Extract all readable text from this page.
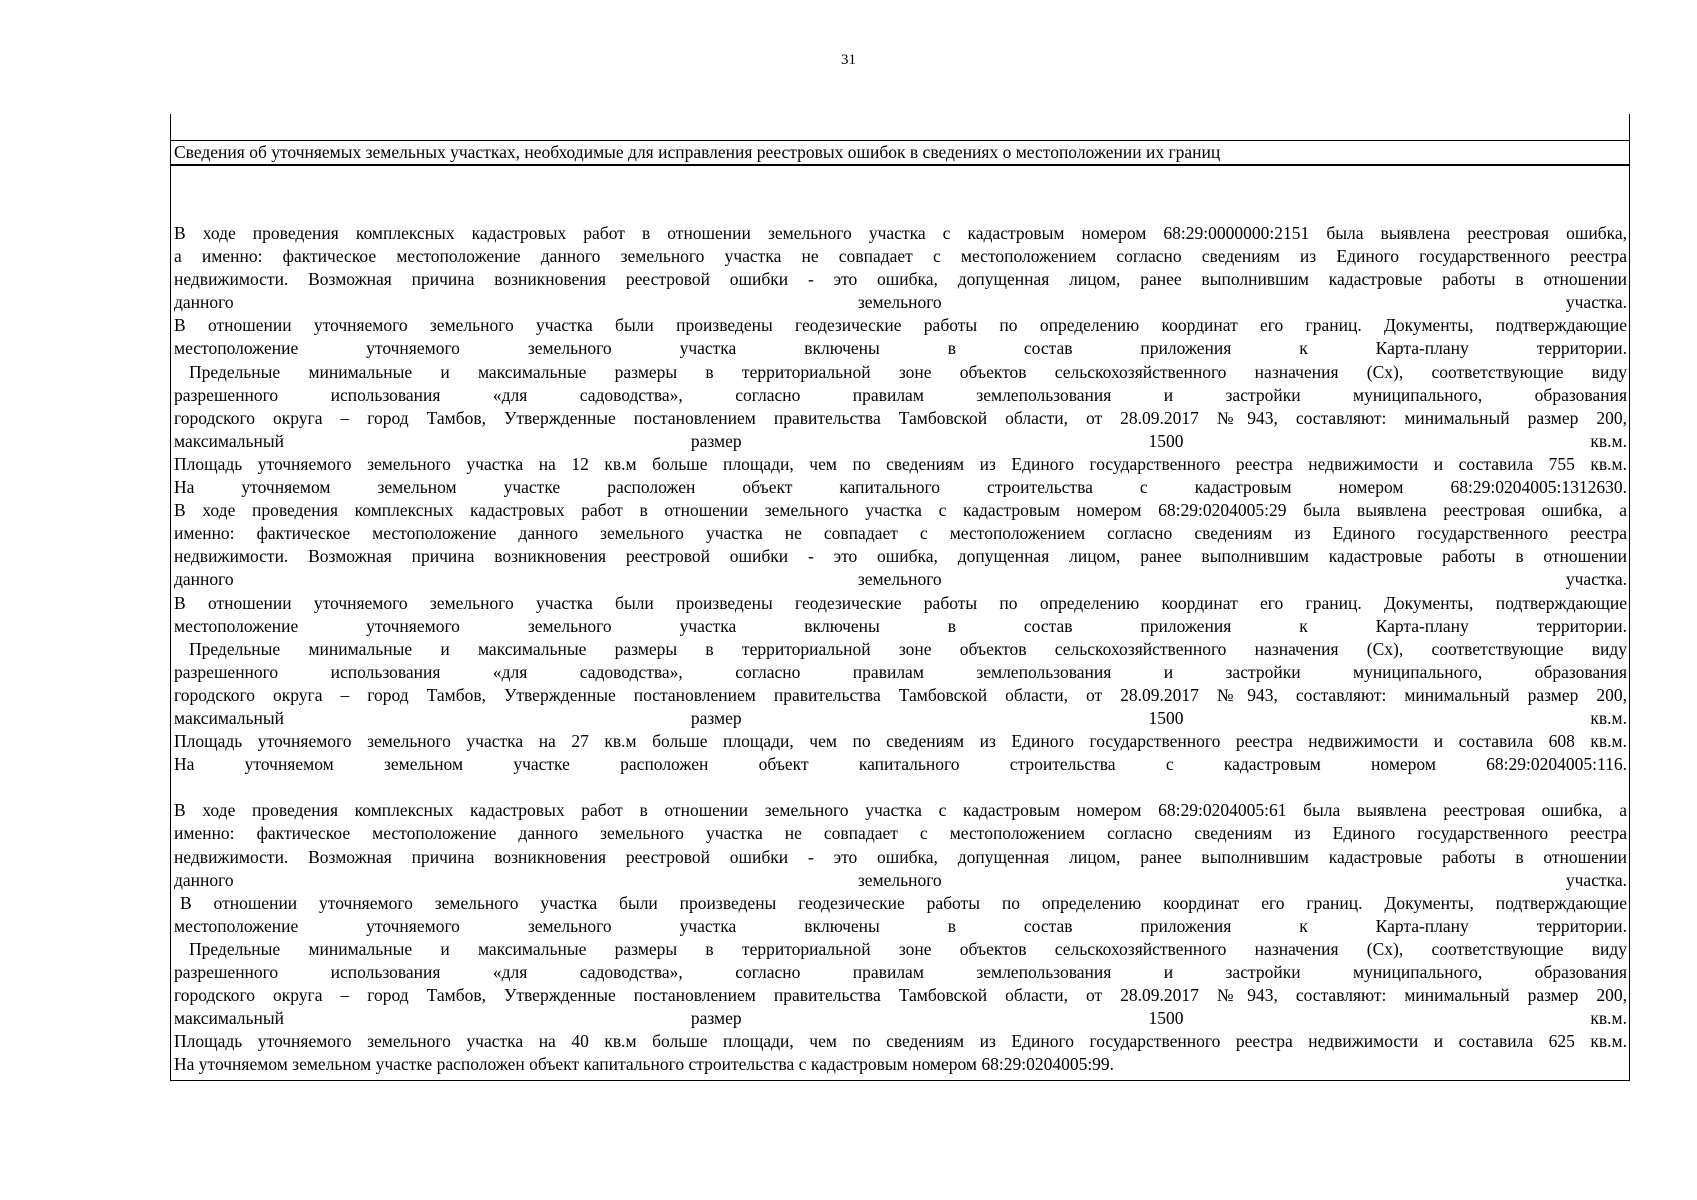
31
Сведения об уточняемых земельных участках, необходимые для исправления реестровых ошибок в сведениях о местоположении их границ
В ходе проведения комплексных кадастровых работ в отношении земельного участка с кадастровым номером 68:29:0000000:2151 была выявлена реестровая ошибка,
а именно: фактическое местоположение данного земельного участка не совпадает с местоположением согласно сведениям из Единого государственного реестра
недвижимости. Возможная причина возникновения реестровой ошибки - это ошибка, допущенная лицом, ранее выполнившим кадастровые работы в отношении
данного земельного участка.
В отношении уточняемого земельного участка были произведены геодезические работы по определению координат его границ. Документы, подтверждающие
местоположение уточняемого земельного участка включены в состав приложения к Карта-плану территории.
Предельные минимальные и максимальные размеры в территориальной зоне объектов сельскохозяйственного назначения (Сх), соответствующие виду
разрешенного использования «для садоводства», согласно правилам землепользования и застройки муниципального, образования
городского округа – город Тамбов, Утвержденные постановлением правительства Тамбовской области, от 28.09.2017 №943, составляют: минимальный размер 200,
максимальный размер 1500 кв.м.
Площадь уточняемого земельного участка на 12 кв.м больше площади, чем по сведениям из Единого государственного реестра недвижимости и составила 755 кв.м.
На уточняемом земельном участке расположен объект капитального строительства с кадастровым номером 68:29:0204005:1312630.
В ходе проведения комплексных кадастровых работ в отношении земельного участка с кадастровым номером 68:29:0204005:29 была выявлена реестровая ошибка, а
именно: фактическое местоположение данного земельного участка не совпадает с местоположением согласно сведениям из Единого государственного реестра
недвижимости. Возможная причина возникновения реестровой ошибки - это ошибка, допущенная лицом, ранее выполнившим кадастровые работы в отношении
данного земельного участка.
В отношении уточняемого земельного участка были произведены геодезические работы по определению координат его границ. Документы, подтверждающие
местоположение уточняемого земельного участка включены в состав приложения к Карта-плану территории.
Предельные минимальные и максимальные размеры в территориальной зоне объектов сельскохозяйственного назначения (Сх), соответствующие виду
разрешенного использования «для садоводства», согласно правилам землепользования и застройки муниципального, образования
городского округа – город Тамбов, Утвержденные постановлением правительства Тамбовской области, от 28.09.2017 №943, составляют: минимальный размер 200,
максимальный размер 1500 кв.м.
Площадь уточняемого земельного участка на 27 кв.м больше площади, чем по сведениям из Единого государственного реестра недвижимости и составила 608 кв.м.
На уточняемом земельном участке расположен объект капитального строительства с кадастровым номером 68:29:0204005:116.
В ходе проведения комплексных кадастровых работ в отношении земельного участка с кадастровым номером 68:29:0204005:61 была выявлена реестровая ошибка, а
именно: фактическое местоположение данного земельного участка не совпадает с местоположением согласно сведениям из Единого государственного реестра
недвижимости. Возможная причина возникновения реестровой ошибки - это ошибка, допущенная лицом, ранее выполнившим кадастровые работы в отношении
данного земельного участка.
В отношении уточняемого земельного участка были произведены геодезические работы по определению координат его границ. Документы, подтверждающие
местоположение уточняемого земельного участка включены в состав приложения к Карта-плану территории.
Предельные минимальные и максимальные размеры в территориальной зоне объектов сельскохозяйственного назначения (Сх), соответствующие виду
разрешенного использования «для садоводства», согласно правилам землепользования и застройки муниципального, образования
городского округа – город Тамбов, Утвержденные постановлением правительства Тамбовской области, от 28.09.2017 №943, составляют: минимальный размер 200,
максимальный размер 1500 кв.м.
Площадь уточняемого земельного участка на 40 кв.м больше площади, чем по сведениям из Единого государственного реестра недвижимости и составила 625 кв.м.
На уточняемом земельном участке расположен объект капитального строительства с кадастровым номером 68:29:0204005:99.
